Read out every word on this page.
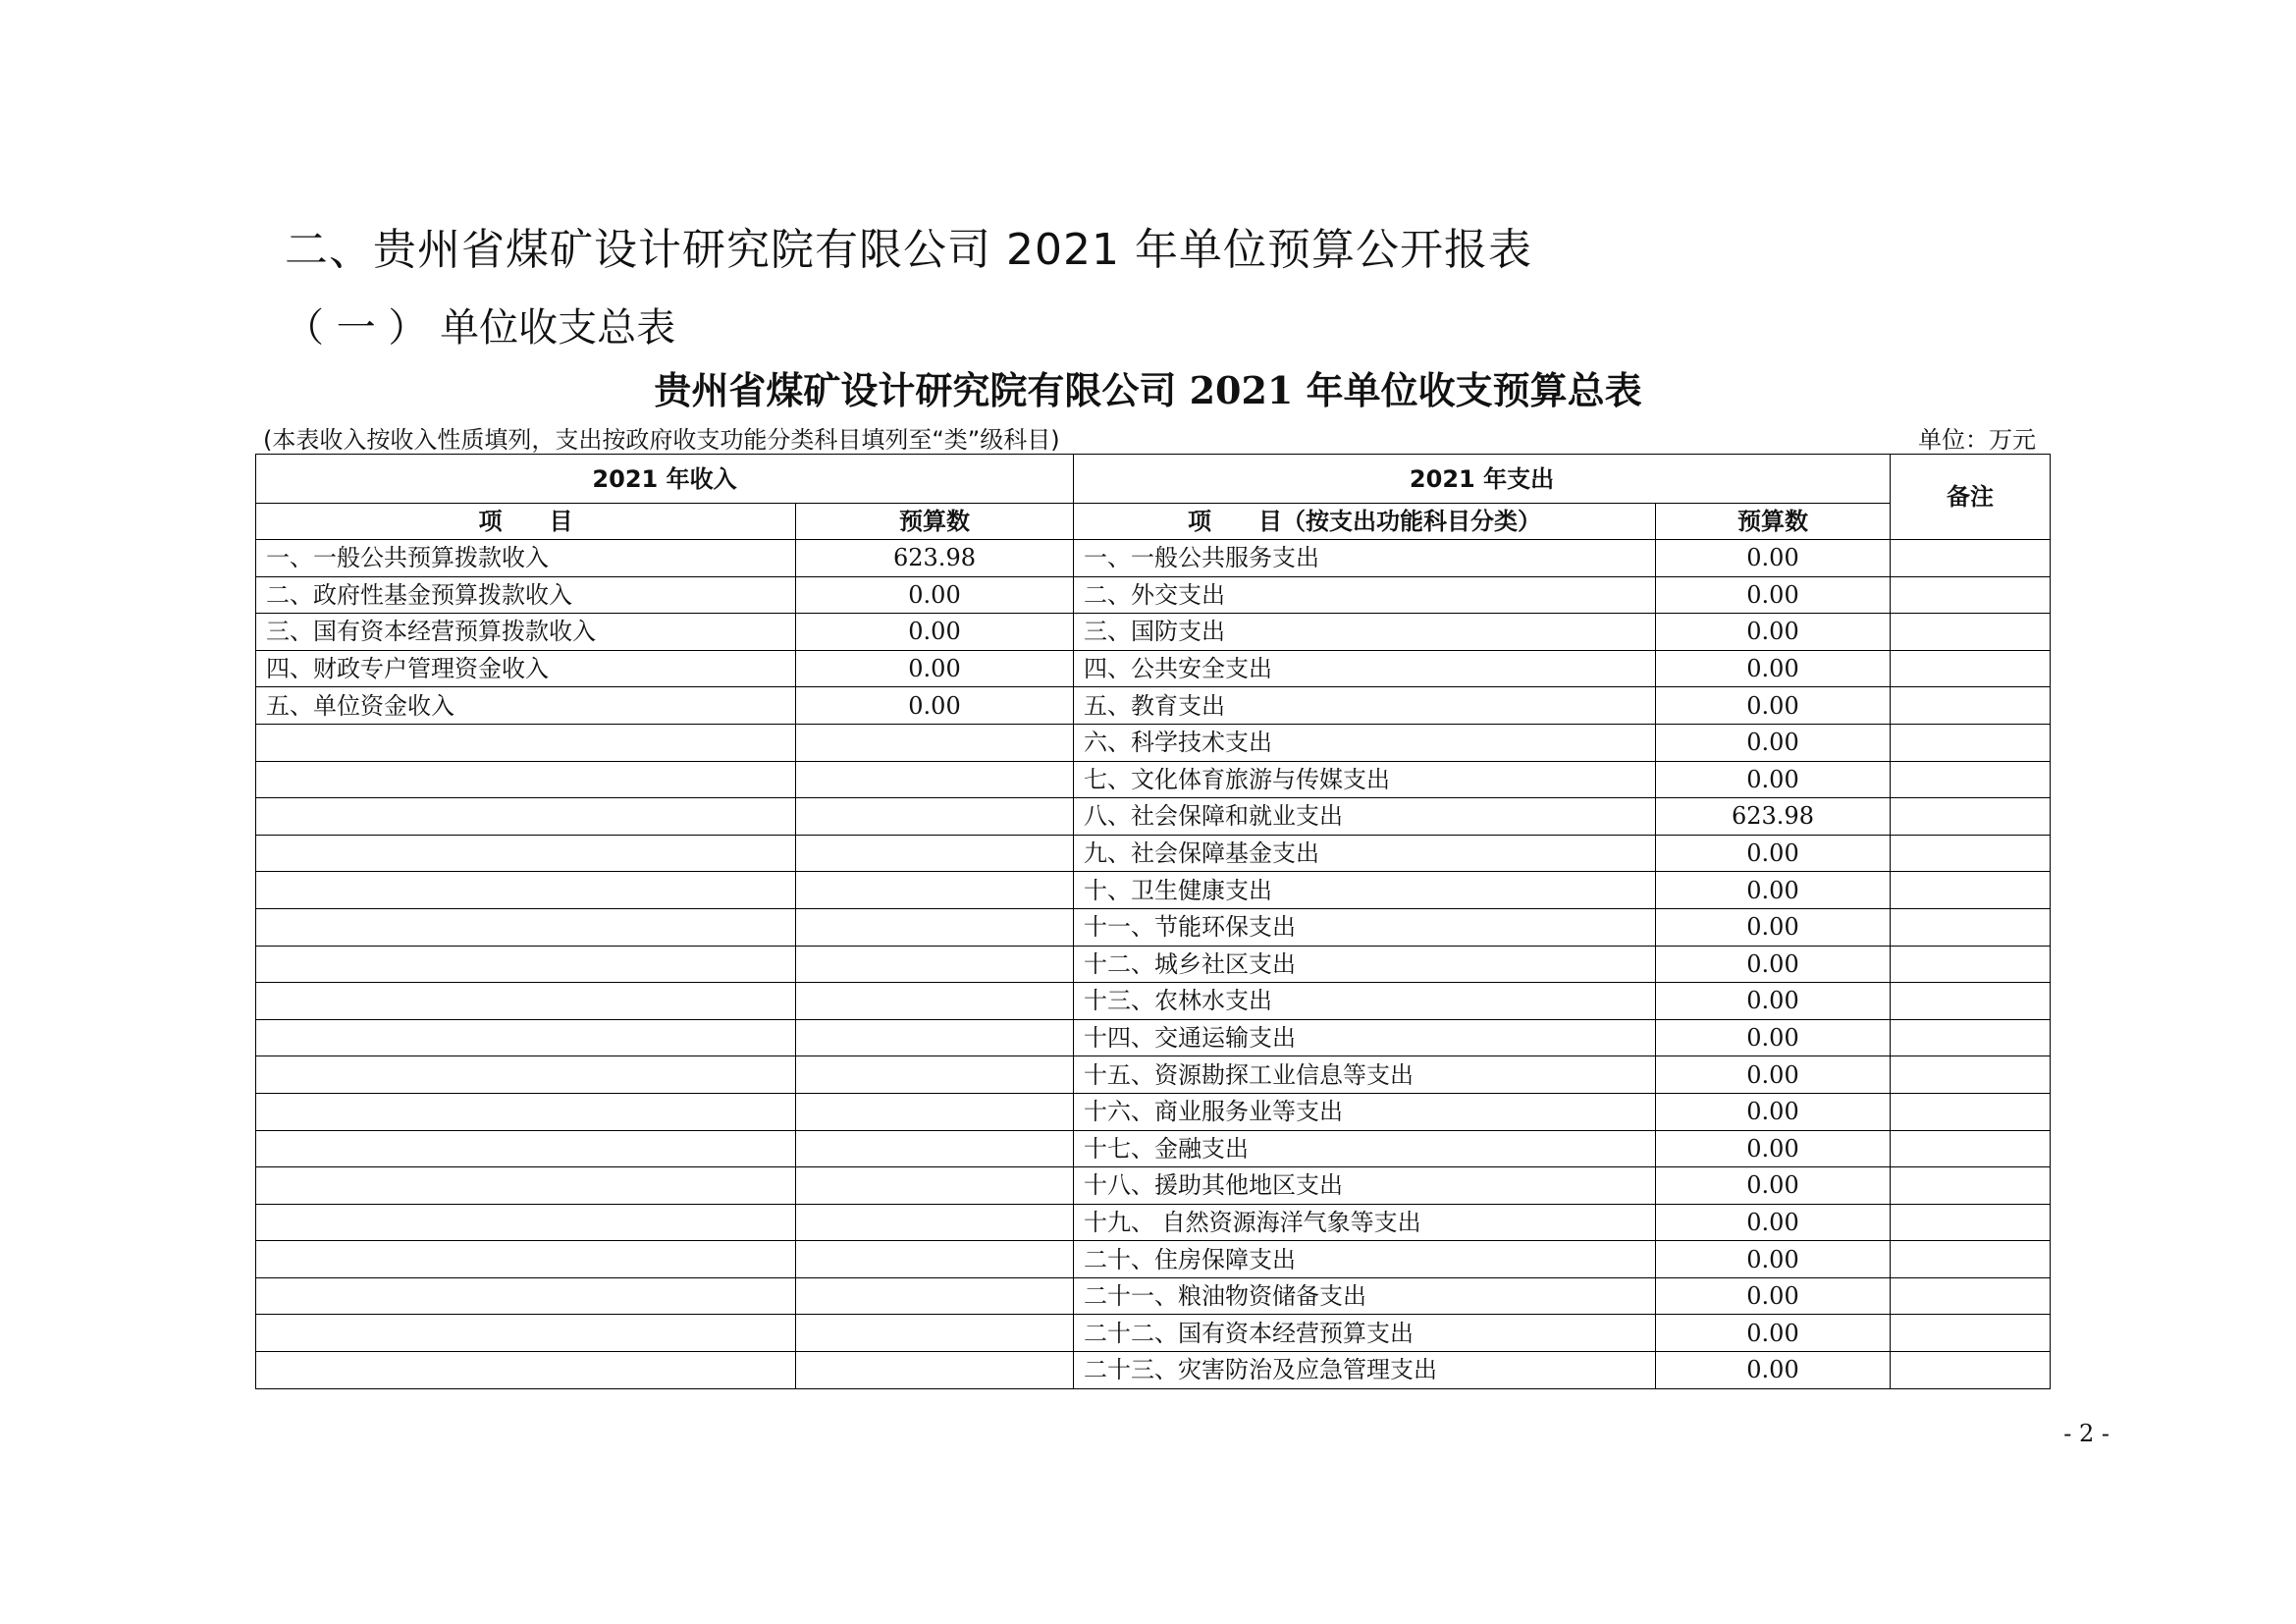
二、贵州省煤矿设计研究院有限公司 2021 年单位预算公开报表
（ 一 ） 单位收支总表
贵州省煤矿设计研究院有限公司 2021 年单位收支预算总表
(本表收入按收入性质填列，支出按政府收支功能分类科目填列至“类”级科目)	单位：万元
2021 年收入		2021 年支出		备注
项　　目	预算数	项　　目（按支出功能科目分类）	预算数	
一、一般公共预算拨款收入	623.98	一、一般公共服务支出	0.00	
二、政府性基金预算拨款收入	0.00	二、外交支出	0.00	
三、国有资本经营预算拨款收入	0.00	三、国防支出	0.00	
四、财政专户管理资金收入	0.00	四、公共安全支出	0.00	
五、单位资金收入	0.00	五、教育支出	0.00	
		六、科学技术支出	0.00	
		七、文化体育旅游与传媒支出	0.00	
		八、社会保障和就业支出	623.98	
		九、社会保障基金支出	0.00	
		十、卫生健康支出	0.00	
		十一、节能环保支出	0.00	
		十二、城乡社区支出	0.00	
		十三、农林水支出	0.00	
		十四、交通运输支出	0.00	
		十五、资源勘探工业信息等支出	0.00	
		十六、商业服务业等支出	0.00	
		十七、金融支出	0.00	
		十八、援助其他地区支出	0.00	
		十九、 自然资源海洋气象等支出	0.00	
		二十、住房保障支出	0.00	
		二十一、粮油物资储备支出	0.00	
		二十二、国有资本经营预算支出	0.00	
		二十三、灾害防治及应急管理支出	0.00	
- 2 -
